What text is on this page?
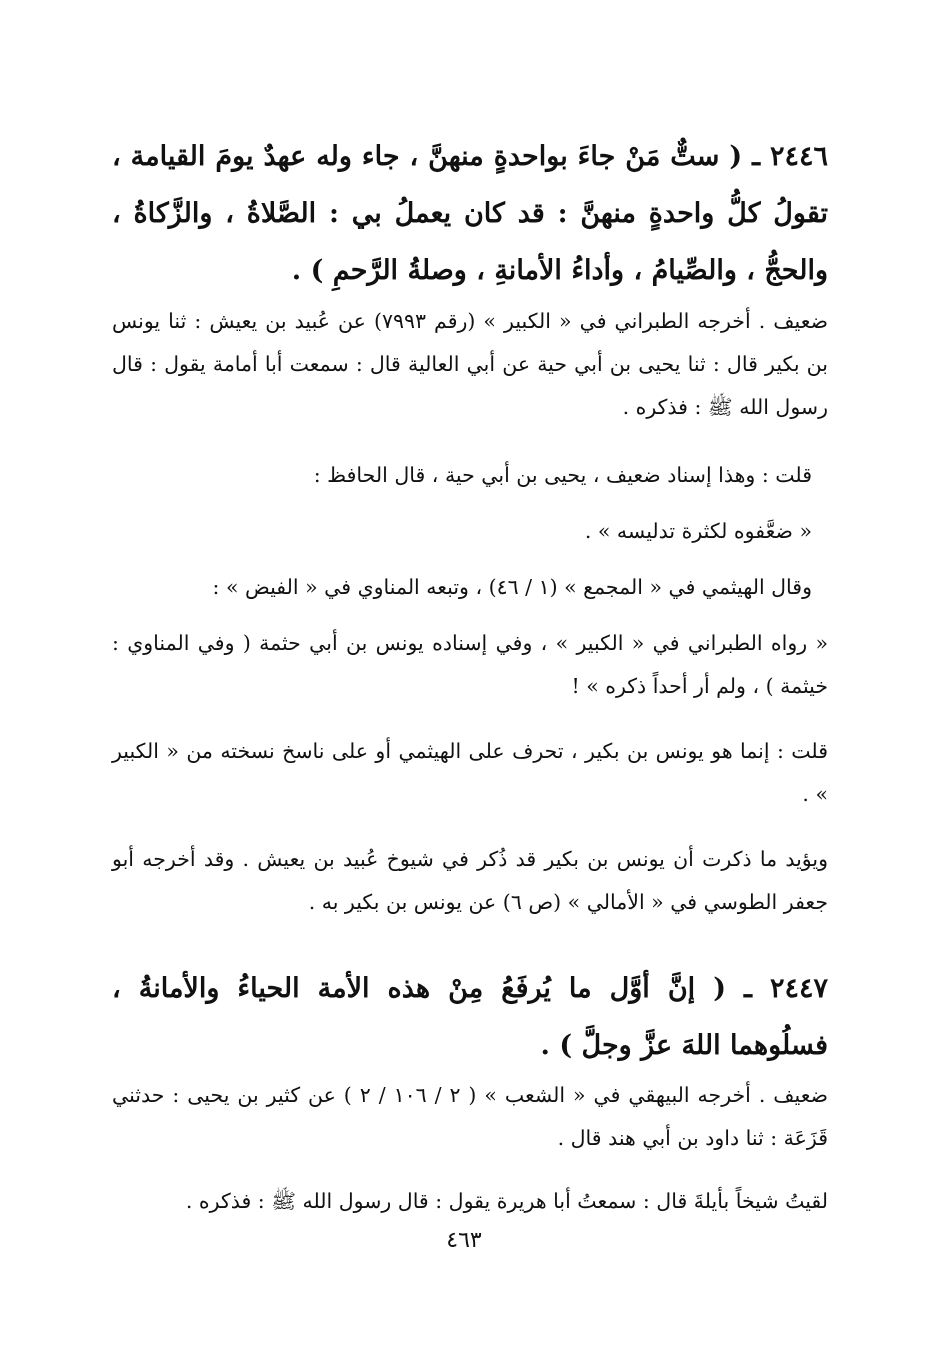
٢٤٤٦ ـ ( ستٌّ مَنْ جاءَ بواحدةٍ منهنَّ ، جاء وله عهدٌ يومَ القيامة ، تقولُ كلُّ واحدةٍ منهنَّ : قد كان يعملُ بي : الصَّلاةُ ، والزَّكاةُ ، والحجُّ ، والصِّيامُ ، وأداءُ الأمانةِ ، وصلةُ الرَّحمِ ) .
ضعيف . أخرجه الطبراني في « الكبير » (رقم ٧٩٩٣) عن عُبيد بن يعيش : ثنا يونس بن بكير قال : ثنا يحيى بن أبي حية عن أبي العالية قال : سمعت أبا أمامة يقول : قال رسول الله ﷺ : فذكره .
قلت : وهذا إسناد ضعيف ، يحيى بن أبي حية ، قال الحافظ :
« ضعَّفوه لكثرة تدليسه » .
وقال الهيثمي في « المجمع » (١ / ٤٦) ، وتبعه المناوي في « الفيض » :
« رواه الطبراني في « الكبير » ، وفي إسناده يونس بن أبي حثمة ( وفي المناوي : خيثمة ) ، ولم أر أحداً ذكره » !
قلت : إنما هو يونس بن بكير ، تحرف على الهيثمي أو على ناسخ نسخته من « الكبير » .
ويؤيد ما ذكرت أن يونس بن بكير قد ذُكر في شيوخ عُبيد بن يعيش . وقد أخرجه أبو جعفر الطوسي في « الأمالي » (ص ٦) عن يونس بن بكير به .
٢٤٤٧ ـ ( إنَّ أوَّل ما يُرفَعُ مِنْ هذه الأمة الحياءُ والأمانةُ ، فسلُوهما اللهَ عزَّ وجلَّ ) .
ضعيف . أخرجه البيهقي في « الشعب » ( ٢ / ١٠٦ / ٢ ) عن كثير بن يحيى : حدثني قَزَعَة : ثنا داود بن أبي هند قال .
لقيتُ شيخاً بأيلةَ قال : سمعتُ أبا هريرة يقول : قال رسول الله ﷺ : فذكره .
٤٦٣
